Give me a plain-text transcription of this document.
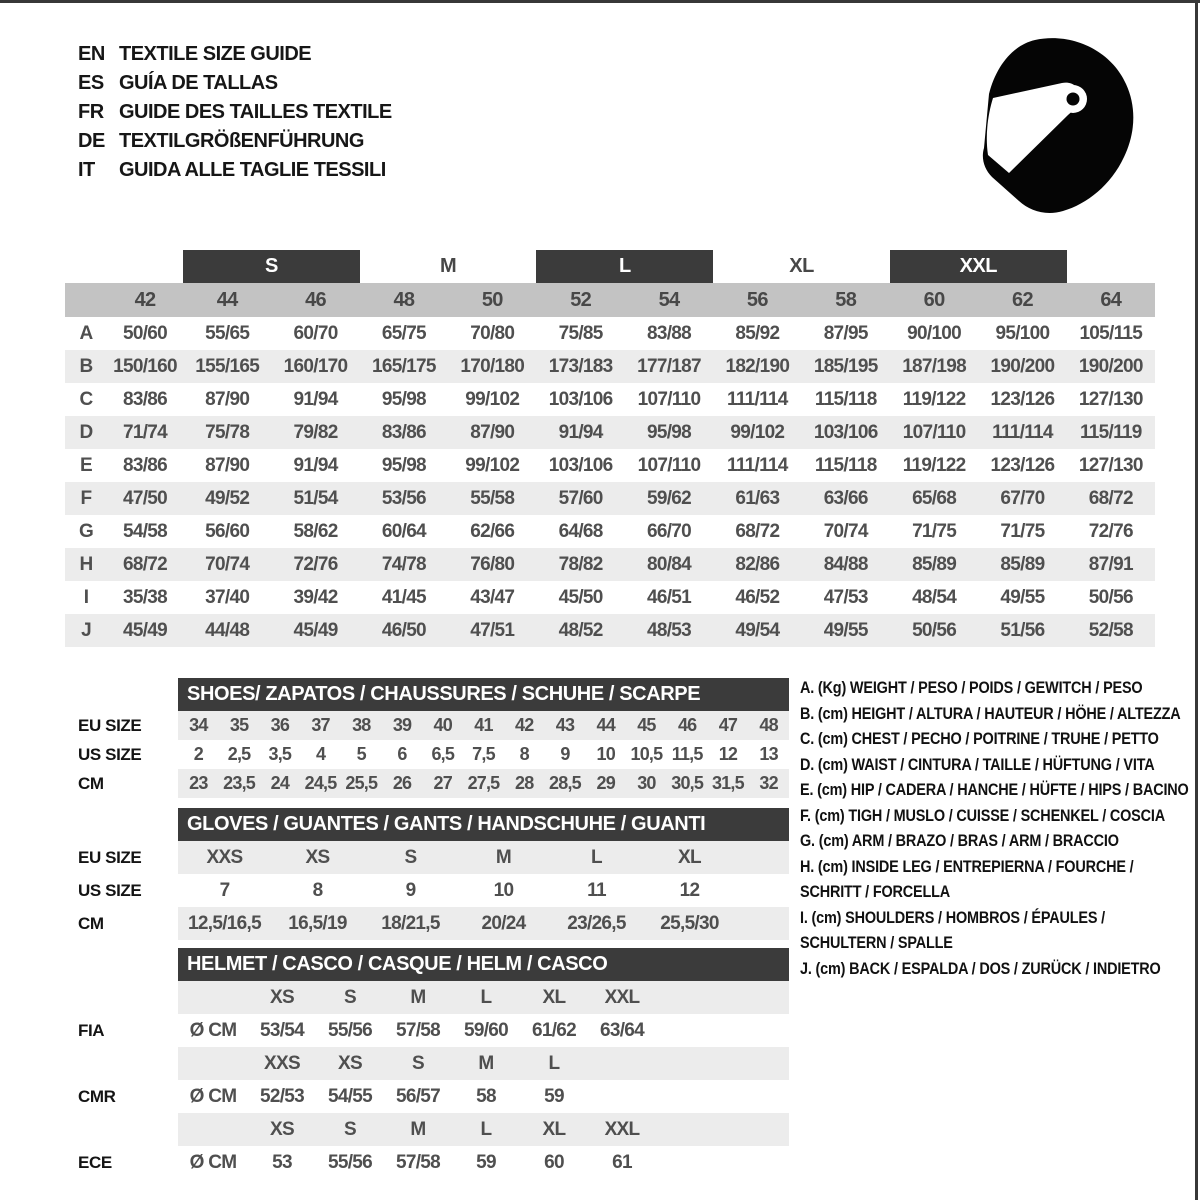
EN TEXTILE SIZE GUIDE
ES GUÍA DE TALLAS
FR GUIDE DES TAILLES TEXTILE
DE TEXTILGRÖßENFÜHRUNG
IT	GUIDA ALLE TAGLIE TESSILI
S	M	L	XL	XXL
42	44	46	48	50	52	54	56	58	60	62	64
A	50/60	55/65	60/70	65/75	70/80	75/85	83/88	85/92	87/95	90/100	95/100	105/115
B	150/160 155/165	160/170	165/175	170/180	173/183	177/187	182/190	185/195	187/198	190/200	190/200
C	83/86	87/90	91/94	95/98	99/102	103/106	107/110	111/114	115/118	119/122	123/126	127/130
D	71/74	75/78	79/82	83/86	87/90	91/94	95/98	99/102	103/106	107/110	111/114	115/119
E	83/86	87/90	91/94	95/98	99/102	103/106	107/110	111/114	115/118	119/122	123/126	127/130
F	47/50	49/52	51/54	53/56	55/58	57/60	59/62	61/63	63/66	65/68	67/70	68/72
G	54/58	56/60	58/62	60/64	62/66	64/68	66/70	68/72	70/74	71/75	71/75	72/76
H	68/72	70/74	72/76	74/78	76/80	78/82	80/84	82/86	84/88	85/89	85/89	87/91
I	35/38	37/40	39/42	41/45	43/47	45/50	46/51	46/52	47/53	48/54	49/55	50/56
J	45/49	44/48	45/49	46/50	47/51	48/52	48/53	49/54	49/55	50/56	51/56	52/58
SHOES/ ZAPATOS / CHAUSSURES / SCHUHE / SCARPE
EU SIZE	34	35	36	37	38	39	40	41	42	43	44	45	46	47	48
US SIZE	2	2,5	3,5	4	5	6	6,5	7,5	8	9	10 10,5 11,5 12	13
CM	23 23,5 24 24,5 25,5 26	27 27,5 28 28,5 29	30 30,5 31,5 32
GLOVES / GUANTES / GANTS / HANDSCHUHE / GUANTI
EU SIZE	XXS	XS	S	M	L	XL
US SIZE	7	8	9	10	11	12
CM	12,5/16,5	16,5/19	18/21,5	20/24	23/26,5	25,5/30
HELMET / CASCO / CASQUE / HELM / CASCO
XS	S	M	L	XL	XXL
FIA	Ø CM	53/54	55/56	57/58	59/60	61/62	63/64
XXS	XS	S	M	L
CMR	Ø CM	52/53	54/55	56/57	58	59
XS	S	M	L	XL	XXL
ECE	Ø CM	53	55/56	57/58	59	60	61
A. (Kg) WEIGHT / PESO / POIDS / GEWITCH / PESO
B. (cm) HEIGHT / ALTURA / HAUTEUR / HÖHE / ALTEZZA
C. (cm) CHEST / PECHO / POITRINE / TRUHE / PETTO
D. (cm) WAIST / CINTURA / TAILLE / HÜFTUNG / VITA
E. (cm) HIP / CADERA / HANCHE / HÜFTE / HIPS / BACINO
F. (cm) TIGH / MUSLO / CUISSE / SCHENKEL / COSCIA
G. (cm) ARM / BRAZO / BRAS / ARM / BRACCIO
H. (cm) INSIDE LEG / ENTREPIERNA / FOURCHE /
SCHRITT / FORCELLA
I. (cm) SHOULDERS / HOMBROS / ÉPAULES /
SCHULTERN / SPALLE
J. (cm) BACK / ESPALDA / DOS / ZURÜCK / INDIETRO
